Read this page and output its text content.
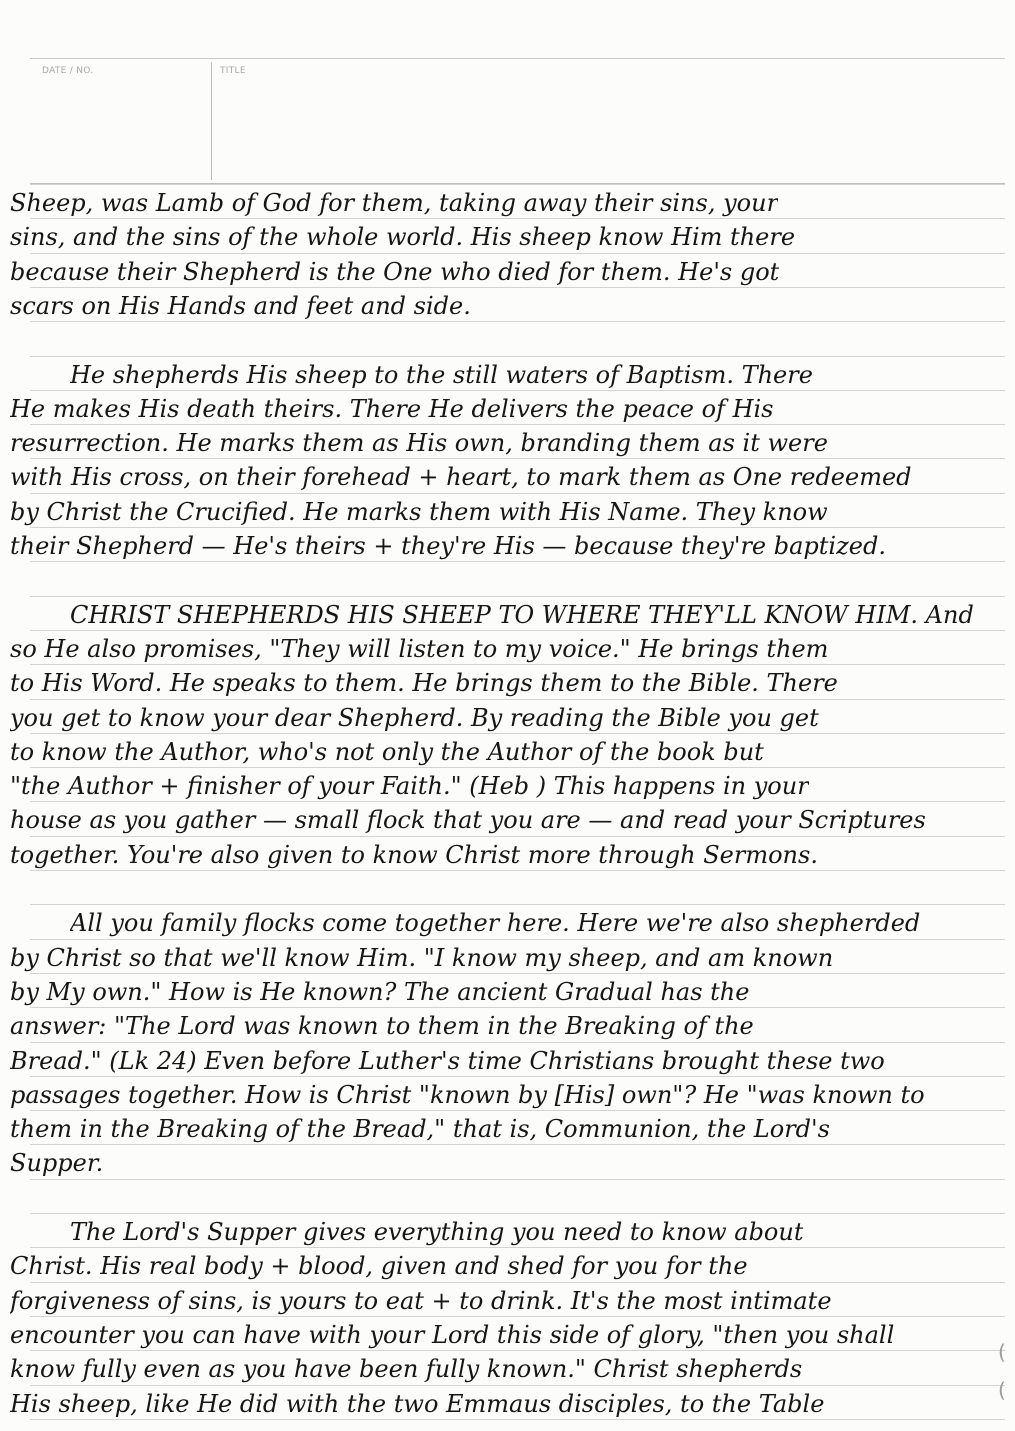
DATE / NO.	TITLE
Sheep, was Lamb of God for them, taking away their sins, your
sins, and the sins of the whole world. His sheep know Him there
because their Shepherd is the One who died for them. He's got
scars on His Hands and feet and side.
He shepherds His sheep to the still waters of Baptism. There
He makes His death theirs. There He delivers the peace of His
resurrection. He marks them as His own, branding them as it were
with His cross, on their forehead + heart, to mark them as One redeemed
by Christ the Crucified. He marks them with His Name. They know
their Shepherd — He's theirs + they're His — because they're baptized.
CHRIST SHEPHERDS HIS SHEEP TO WHERE THEY'LL KNOW HIM. And
so He also promises, "They will listen to my voice." He brings them
to His Word. He speaks to them. He brings them to the Bible. There
you get to know your dear Shepherd. By reading the Bible you get
to know the Author, who's not only the Author of the book but
"the Author + finisher of your Faith." (Heb ) This happens in your
house as you gather — small flock that you are — and read your Scriptures
together. You're also given to know Christ more through Sermons.
All you family flocks come together here. Here we're also shepherded
by Christ so that we'll know Him. "I know my sheep, and am known
by My own." How is He known? The ancient Gradual has the
answer: "The Lord was known to them in the Breaking of the
Bread." (Lk 24) Even before Luther's time Christians brought these two
passages together. How is Christ "known by [His] own"? He "was known to
them in the Breaking of the Bread," that is, Communion, the Lord's
Supper.
The Lord's Supper gives everything you need to know about
Christ. His real body + blood, given and shed for you for the
forgiveness of sins, is yours to eat + to drink. It's the most intimate
encounter you can have with your Lord this side of glory, "then you shall
know fully even as you have been fully known." Christ shepherds
His sheep, like He did with the two Emmaus disciples, to the Table
(
(
